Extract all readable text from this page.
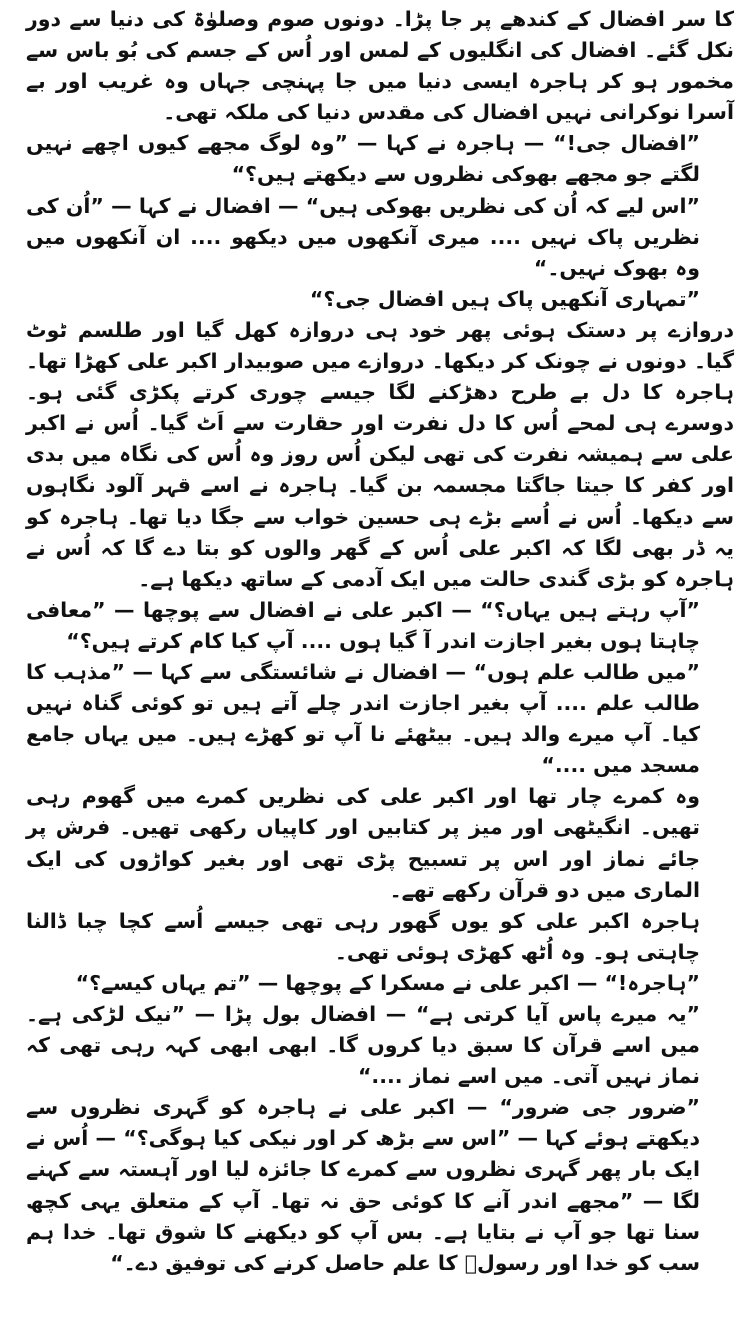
کا سر افضال کے کندھے پر جا پڑا۔ دونوں صوم وصلوٰۃ کی دنیا سے دور نکل گئے۔ افضال کی انگلیوں کے لمس اور اُس کے جسم کی بُو باس سے مخمور ہو کر ہاجرہ ایسی دنیا میں جا پہنچی جہاں وہ غریب اور بے آسرا نوکرانی نہیں افضال کی مقدس دنیا کی ملکہ تھی۔

”افضال جی!“ — ہاجرہ نے کہا — ”وہ لوگ مجھے کیوں اچھے نہیں لگتے جو مجھے بھوکی نظروں سے دیکھتے ہیں؟“

”اس لیے کہ اُن کی نظریں بھوکی ہیں“ — افضال نے کہا — ”اُن کی نظریں پاک نہیں .... میری آنکھوں میں دیکھو .... ان آنکھوں میں وہ بھوک نہیں۔“

”تمہاری آنکھیں پاک ہیں افضال جی؟“

دروازے پر دستک ہوئی پھر خود ہی دروازہ کھل گیا اور طلسم ٹوٹ گیا۔ دونوں نے چونک کر دیکھا۔ دروازے میں صوبیدار اکبر علی کھڑا تھا۔ ہاجرہ کا دل بے طرح دھڑکنے لگا جیسے چوری کرتے پکڑی گئی ہو۔ دوسرے ہی لمحے اُس کا دل نفرت اور حقارت سے اَٹ گیا۔ اُس نے اکبر علی سے ہمیشہ نفرت کی تھی لیکن اُس روز وہ اُس کی نگاہ میں بدی اور کفر کا جیتا جاگتا مجسمہ بن گیا۔ ہاجرہ نے اسے قہر آلود نگاہوں سے دیکھا۔ اُس نے اُسے بڑے ہی حسین خواب سے جگا دیا تھا۔ ہاجرہ کو یہ ڈر بھی لگا کہ اکبر علی اُس کے گھر والوں کو بتا دے گا کہ اُس نے ہاجرہ کو بڑی گندی حالت میں ایک آدمی کے ساتھ دیکھا ہے۔

”آپ رہتے ہیں یہاں؟“ — اکبر علی نے افضال سے پوچھا — ”معافی چاہتا ہوں بغیر اجازت اندر آ گیا ہوں .... آپ کیا کام کرتے ہیں؟“

”میں طالب علم ہوں“ — افضال نے شائستگی سے کہا — ”مذہب کا طالب علم .... آپ بغیر اجازت اندر چلے آتے ہیں تو کوئی گناہ نہیں کیا۔ آپ میرے والد ہیں۔ بیٹھئے نا آپ تو کھڑے ہیں۔ میں یہاں جامع مسجد میں ....“

وہ کمرے چار تھا اور اکبر علی کی نظریں کمرے میں گھوم رہی تھیں۔ انگیٹھی اور میز پر کتابیں اور کاپیاں رکھی تھیں۔ فرش پر جائے نماز اور اس پر تسبیح پڑی تھی اور بغیر کواڑوں کی ایک الماری میں دو قرآن رکھے تھے۔

ہاجرہ اکبر علی کو یوں گھور رہی تھی جیسے اُسے کچا چبا ڈالنا چاہتی ہو۔ وہ اُٹھ کھڑی ہوئی تھی۔

”ہاجرہ!“ — اکبر علی نے مسکرا کے پوچھا — ”تم یہاں کیسے؟“

”یہ میرے پاس آیا کرتی ہے“ — افضال بول پڑا — ”نیک لڑکی ہے۔ میں اسے قرآن کا سبق دیا کروں گا۔ ابھی ابھی کہہ رہی تھی کہ نماز نہیں آتی۔ میں اسے نماز ....“

”ضرور جی ضرور“ — اکبر علی نے ہاجرہ کو گہری نظروں سے دیکھتے ہوئے کہا — ”اس سے بڑھ کر اور نیکی کیا ہوگی؟“ — اُس نے ایک بار پھر گہری نظروں سے کمرے کا جائزہ لیا اور آہستہ سے کہنے لگا — ”مجھے اندر آنے کا کوئی حق نہ تھا۔ آپ کے متعلق یہی کچھ سنا تھا جو آپ نے بتایا ہے۔ بس آپ کو دیکھنے کا شوق تھا۔ خدا ہم سب کو خدا اور رسولؐ کا علم حاصل کرنے کی توفیق دے۔“
